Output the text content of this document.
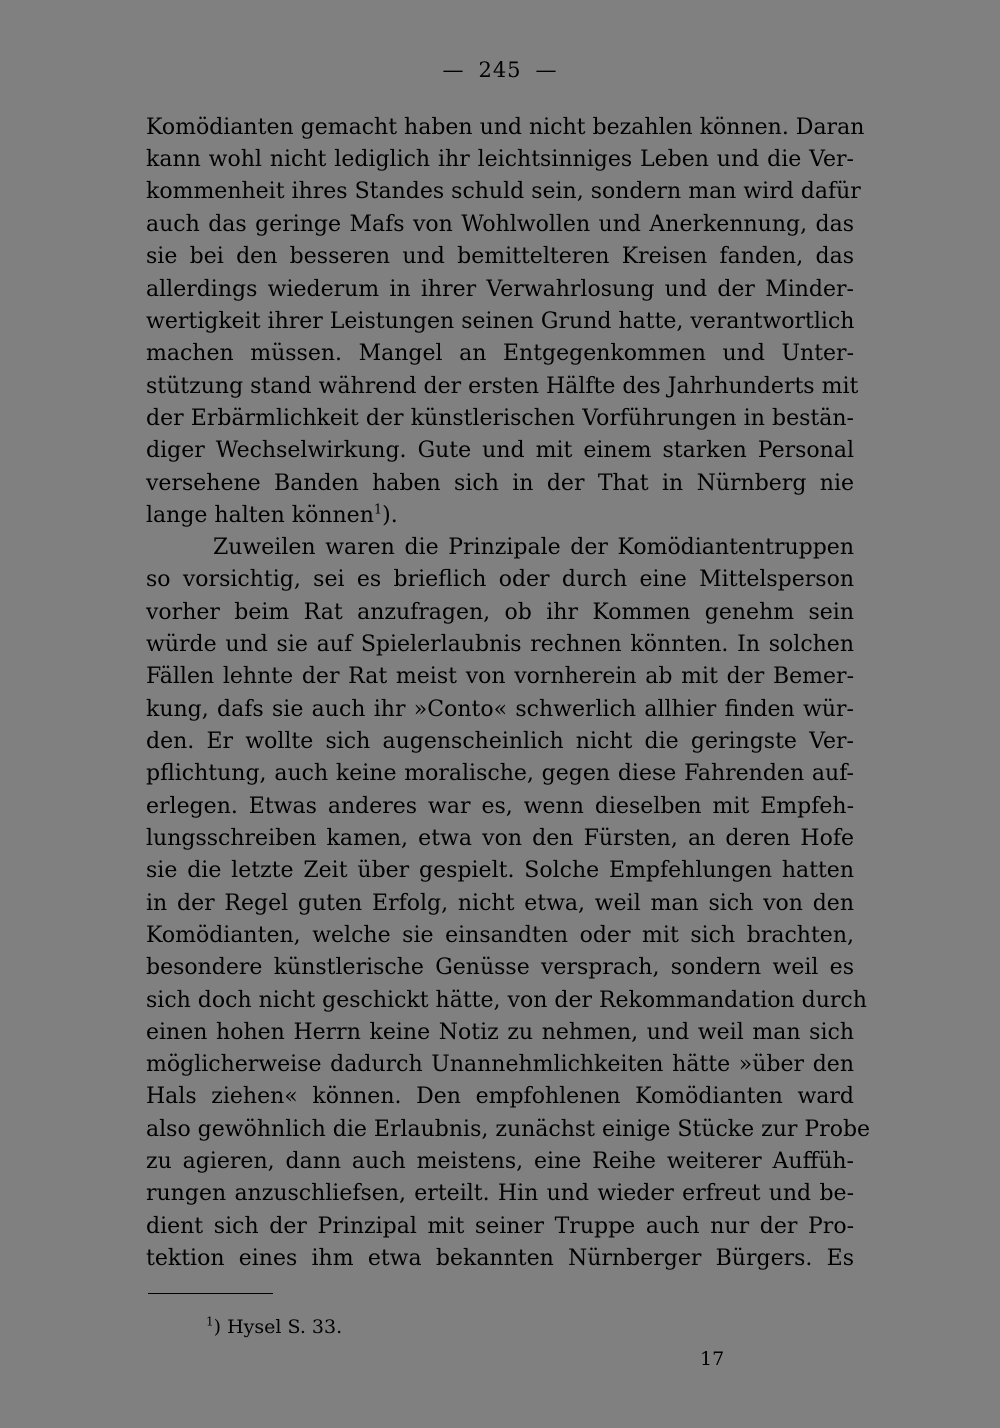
— 245 —
Komödianten gemacht haben und nicht bezahlen können. Daran
kann wohl nicht lediglich ihr leichtsinniges Leben und die Ver-
kommenheit ihres Standes schuld sein, sondern man wird dafür
auch das geringe Mafs von Wohlwollen und Anerkennung, das
sie bei den besseren und bemittelteren Kreisen fanden, das
allerdings wiederum in ihrer Verwahrlosung und der Minder-
wertigkeit ihrer Leistungen seinen Grund hatte, verantwortlich
machen müssen. Mangel an Entgegenkommen und Unter-
stützung stand während der ersten Hälfte des Jahrhunderts mit
der Erbärmlichkeit der künstlerischen Vorführungen in bestän-
diger Wechselwirkung. Gute und mit einem starken Personal
versehene Banden haben sich in der That in Nürnberg nie
lange halten können$^1$).
Zuweilen waren die Prinzipale der Komödiantentruppen
so vorsichtig, sei es brieflich oder durch eine Mittelsperson
vorher beim Rat anzufragen, ob ihr Kommen genehm sein
würde und sie auf Spielerlaubnis rechnen könnten. In solchen
Fällen lehnte der Rat meist von vornherein ab mit der Bemer-
kung, dafs sie auch ihr »Conto« schwerlich allhier finden wür-
den. Er wollte sich augenscheinlich nicht die geringste Ver-
pflichtung, auch keine moralische, gegen diese Fahrenden auf-
erlegen. Etwas anderes war es, wenn dieselben mit Empfeh-
lungsschreiben kamen, etwa von den Fürsten, an deren Hofe
sie die letzte Zeit über gespielt. Solche Empfehlungen hatten
in der Regel guten Erfolg, nicht etwa, weil man sich von den
Komödianten, welche sie einsandten oder mit sich brachten,
besondere künstlerische Genüsse versprach, sondern weil es
sich doch nicht geschickt hätte, von der Rekommandation durch
einen hohen Herrn keine Notiz zu nehmen, und weil man sich
möglicherweise dadurch Unannehmlichkeiten hätte »über den
Hals ziehen« können. Den empfohlenen Komödianten ward
also gewöhnlich die Erlaubnis, zunächst einige Stücke zur Probe
zu agieren, dann auch meistens, eine Reihe weiterer Auffüh-
rungen anzuschliefsen, erteilt. Hin und wieder erfreut und be-
dient sich der Prinzipal mit seiner Truppe auch nur der Pro-
tektion eines ihm etwa bekannten Nürnberger Bürgers. Es
$^1$) Hysel S. 33.
17
